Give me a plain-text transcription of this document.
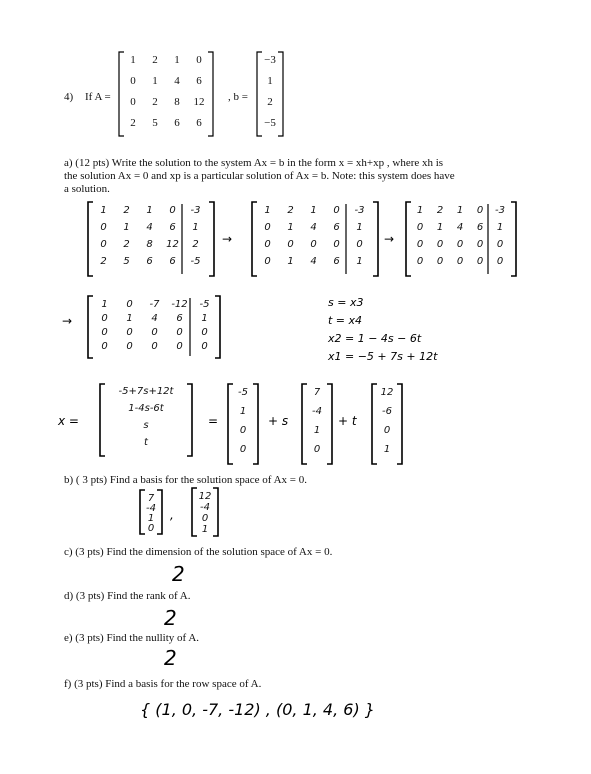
4) If A =
1	2	1	0
0	1	4	6
0	2	8	12
2	5	6	6
, b =
−3
1
2
−5
a) (12 pts) Write the solution to the system Ax = b in the form x = xh+xp , where xh is
the solution Ax = 0 and xp is a particular solution of Ax = b. Note: this system does have
a solution.
1	2	1	0	-3
0	1	4	6	1
0	2	8	12	2
2	5	6	6	-5
→
1	2	1	0	-3
0	1	4	6	1
0	0	0	0	0
0	1	4	6	1
→
1	2	1	0	-3
0	1	4	6	1
0	0	0	0	0
0	0	0	0	0
→
1	0	-7	-12	-5
0	1	4	6	1
0	0	0	0	0
0	0	0	0	0
s = x3
t = x4
x2 = 1 − 4s − 6t
x1 = −5 + 7s + 12t
x =
-5+7s+12t
1-4s-6t
s
t
=
-5
1
0
0
+ s
7
-4
1
0
+ t
12
-6
0
1
b) ( 3 pts) Find a basis for the solution space of Ax = 0.
7
-4
1
0
,
12
-4
0
1
c) (3 pts) Find the dimension of the solution space of Ax = 0.
2
d) (3 pts) Find the rank of A.
2
e) (3 pts) Find the nullity of A.
2
f) (3 pts) Find a basis for the row space of A.
{ (1, 0, -7, -12) , (0, 1, 4, 6) }
